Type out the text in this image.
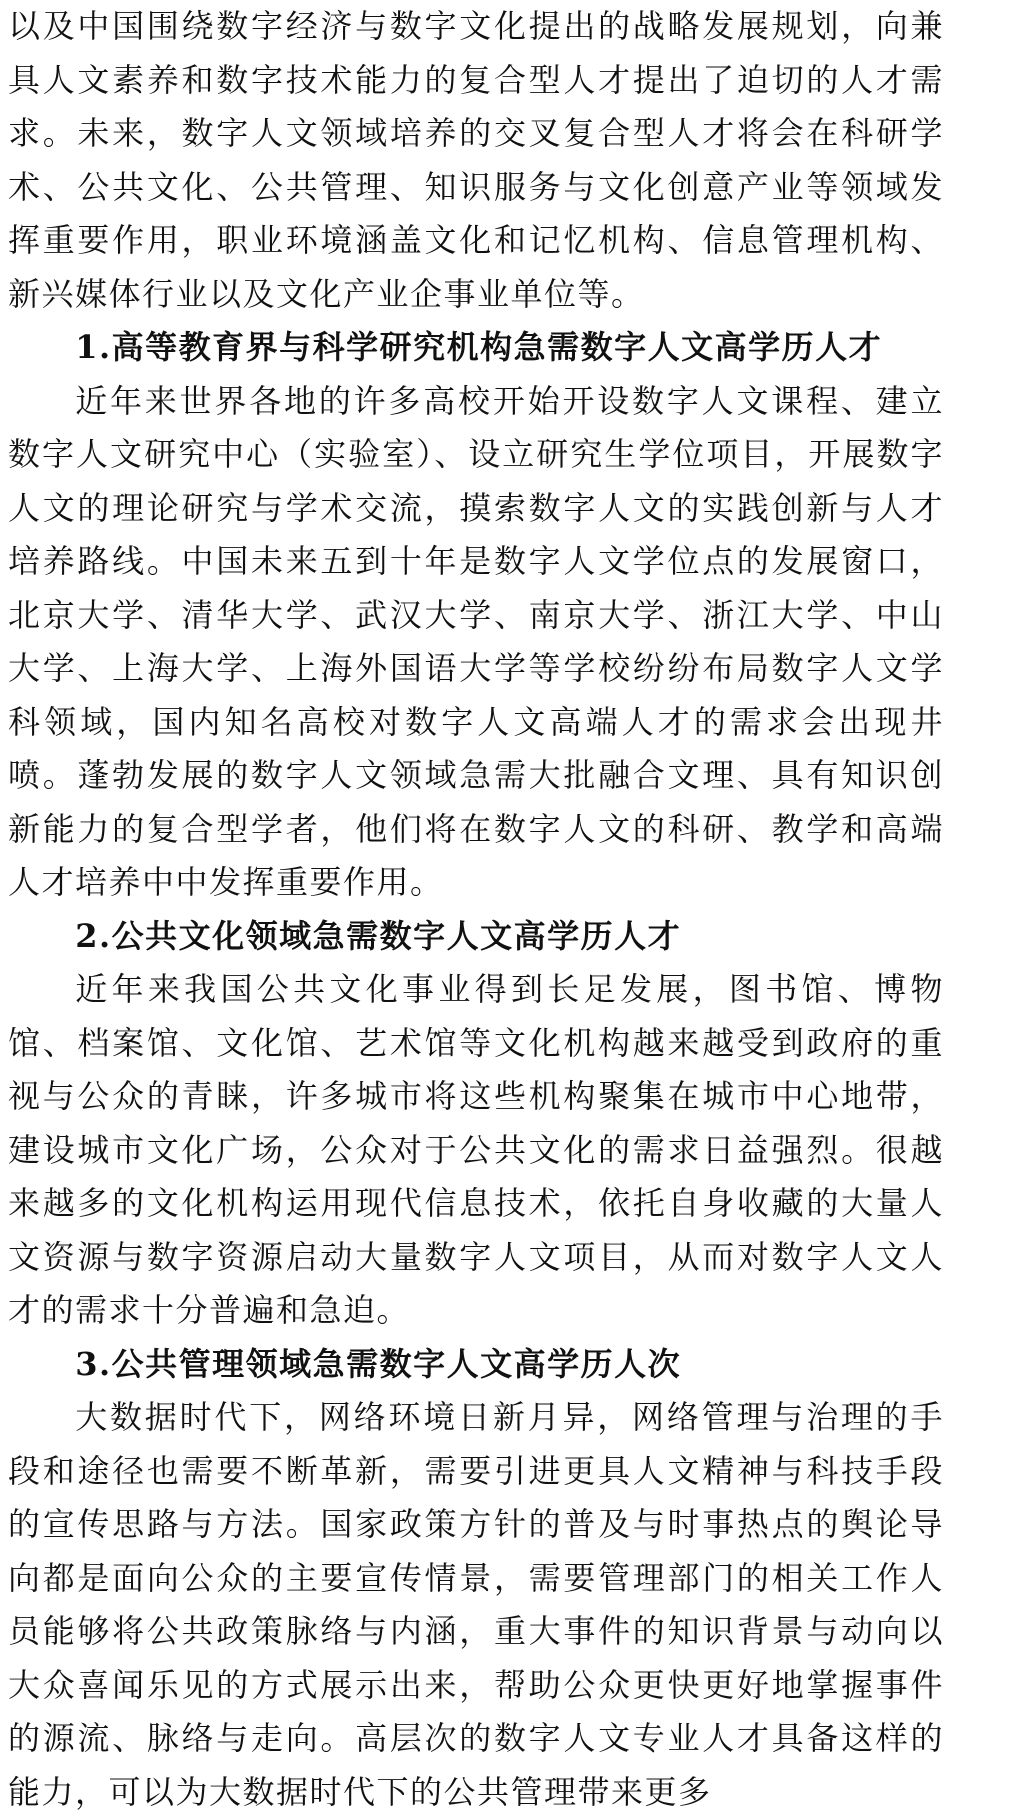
以及中国围绕数字经济与数字文化提出的战略发展规划，向兼具人文素养和数字技术能力的复合型人才提出了迫切的人才需求。未来，数字人文领域培养的交叉复合型人才将会在科研学术、公共文化、公共管理、知识服务与文化创意产业等领域发挥重要作用，职业环境涵盖文化和记忆机构、信息管理机构、新兴媒体行业以及文化产业企事业单位等。

1.高等教育界与科学研究机构急需数字人文高学历人才

近年来世界各地的许多高校开始开设数字人文课程、建立数字人文研究中心（实验室）、设立研究生学位项目，开展数字人文的理论研究与学术交流，摸索数字人文的实践创新与人才培养路线。中国未来五到十年是数字人文学位点的发展窗口，北京大学、清华大学、武汉大学、南京大学、浙江大学、中山大学、上海大学、上海外国语大学等学校纷纷布局数字人文学科领域，国内知名高校对数字人文高端人才的需求会出现井喷。蓬勃发展的数字人文领域急需大批融合文理、具有知识创新能力的复合型学者，他们将在数字人文的科研、教学和高端人才培养中中发挥重要作用。

2.公共文化领域急需数字人文高学历人才

近年来我国公共文化事业得到长足发展，图书馆、博物馆、档案馆、文化馆、艺术馆等文化机构越来越受到政府的重视与公众的青睐，许多城市将这些机构聚集在城市中心地带，建设城市文化广场，公众对于公共文化的需求日益强烈。很越来越多的文化机构运用现代信息技术，依托自身收藏的大量人文资源与数字资源启动大量数字人文项目，从而对数字人文人才的需求十分普遍和急迫。

3.公共管理领域急需数字人文高学历人次

大数据时代下，网络环境日新月异，网络管理与治理的手段和途径也需要不断革新，需要引进更具人文精神与科技手段的宣传思路与方法。国家政策方针的普及与时事热点的舆论导向都是面向公众的主要宣传情景，需要管理部门的相关工作人员能够将公共政策脉络与内涵，重大事件的知识背景与动向以大众喜闻乐见的方式展示出来，帮助公众更快更好地掌握事件的源流、脉络与走向。高层次的数字人文专业人才具备这样的能力，可以为大数据时代下的公共管理带来更多
